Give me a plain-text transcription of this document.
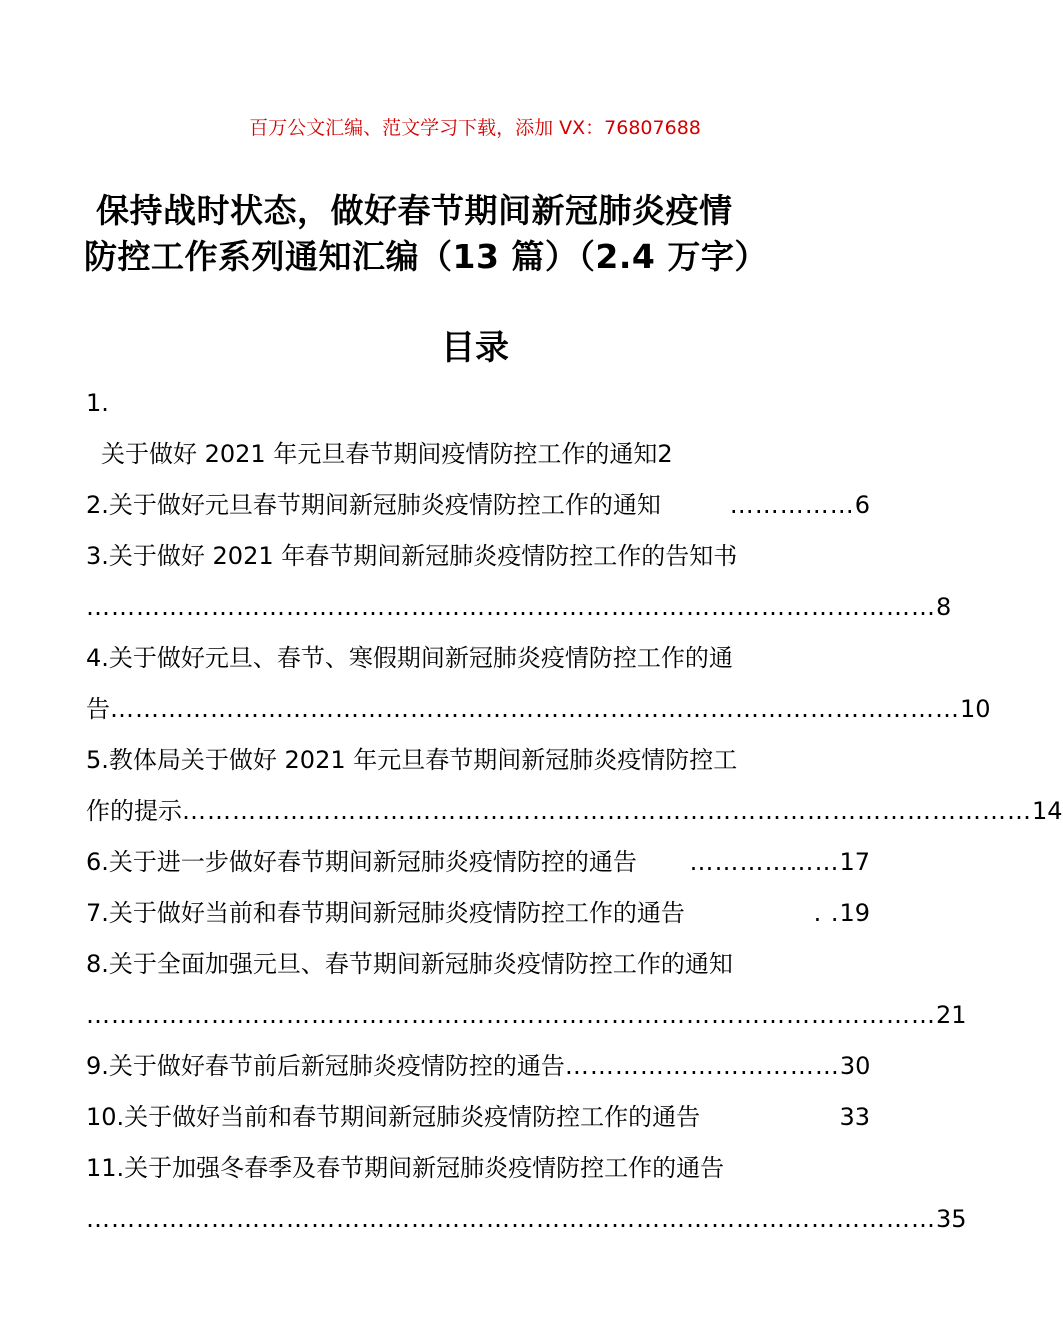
百万公文汇编、范文学习下载，添加 VX：76807688
保持战时状态，做好春节期间新冠肺炎疫情
防控工作系列通知汇编（13 篇）（2.4 万字）
目录
1.
关于做好 2021 年元旦春节期间疫情防控工作的通知2
2.关于做好元旦春节期间新冠肺炎疫情防控工作的通知	…………… 6
3.关于做好 2021 年春节期间新冠肺炎疫情防控工作的告知书
………………………………………………………………………………………… 8
4.关于做好元旦、春节、寒假期间新冠肺炎疫情防控工作的通
告 ………………………………………………………………………………………… 10
5.教体局关于做好 2021 年元旦春节期间新冠肺炎疫情防控工
作的提示 ………………………………………………………………………………………… 14
6.关于进一步做好春节期间新冠肺炎疫情防控的通告	……………… 17
7.关于做好当前和春节期间新冠肺炎疫情防控工作的通告	. . 19
8.关于全面加强元旦、春节期间新冠肺炎疫情防控工作的通知
………………………………………………………………………………………… 21
9.关于做好春节前后新冠肺炎疫情防控的通告 …………………………… 30
10.关于做好当前和春节期间新冠肺炎疫情防控工作的通告	33
11.关于加强冬春季及春节期间新冠肺炎疫情防控工作的通告
………………………………………………………………………………………… 35
